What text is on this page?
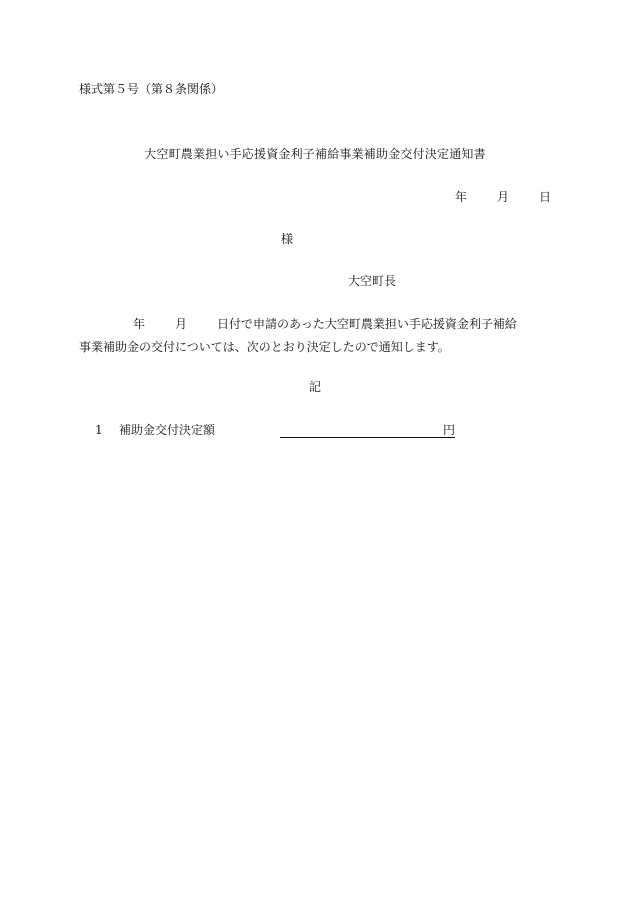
様式第５号（第８条関係）
大空町農業担い手応援資金利子補給事業補助金交付決定通知書
年	月	日
様
大空町長
年	月	日付で申請のあった大空町農業担い手応援資金利子補給
事業補助金の交付については、次のとおり決定したので通知します。
記
1 補助金交付決定額	円
